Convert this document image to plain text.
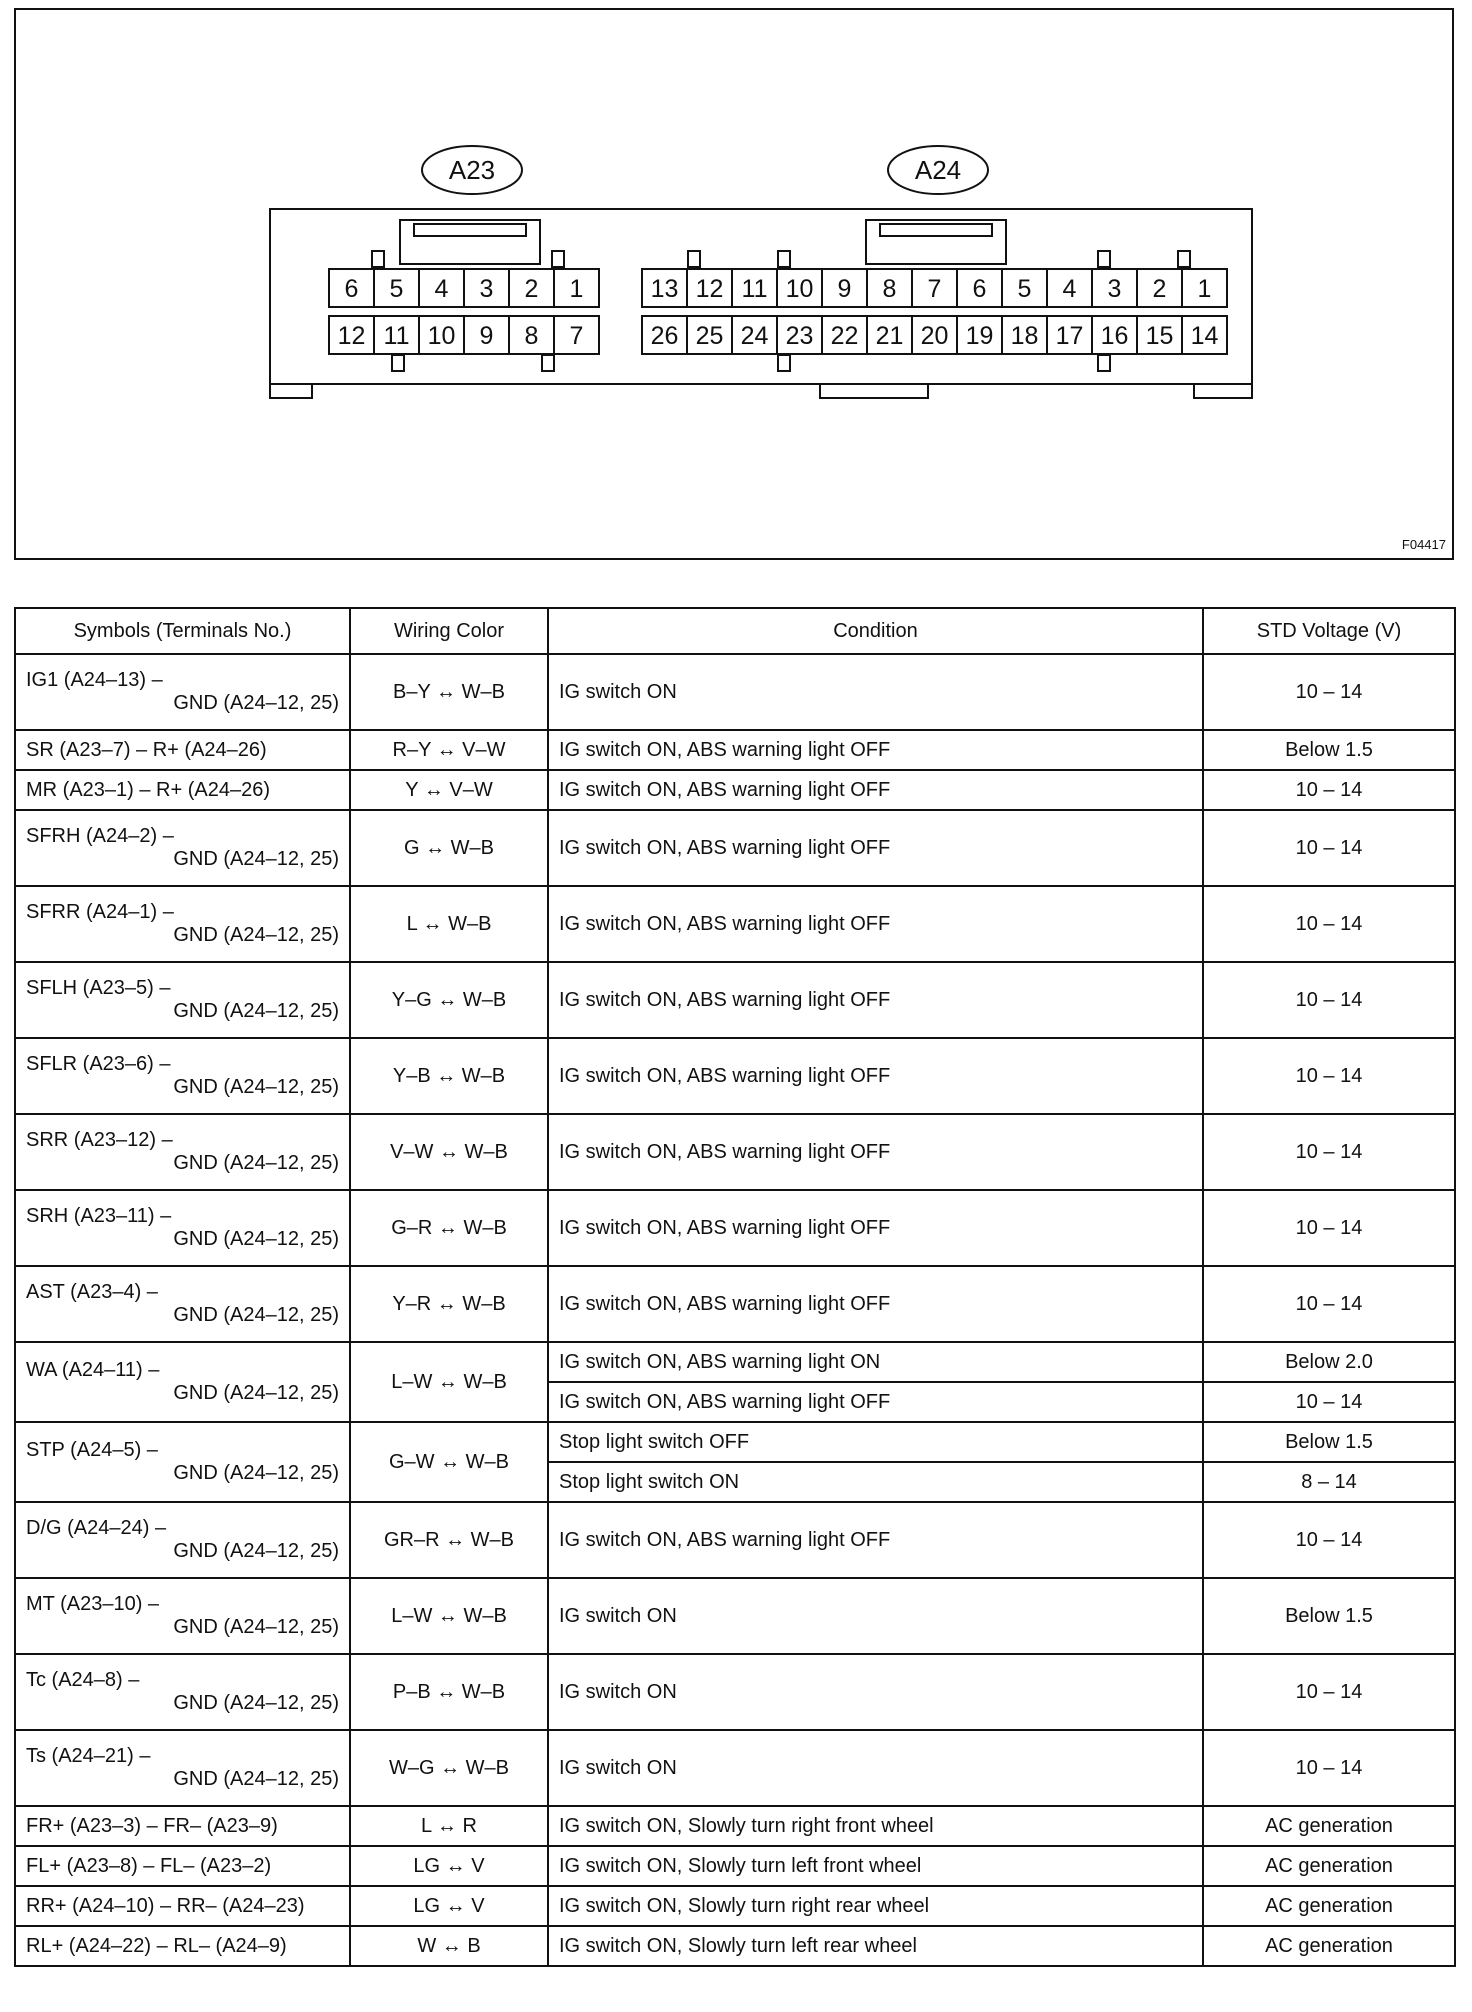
A23
6 5 4 3 2 1
12 11 10 9 8 7
A24
13 12 11 10 9 8 7 6 5 4 3 2 1
26 25 24 23 22 21 20 19 18 17 16 15 14
F04417
Symbols (Terminals No.)	Wiring Color	Condition	STD Voltage (V)

IG1 (A24–13) –
GND (A24–12, 25)	B–Y ↔ W–B	IG switch ON	10 – 14

SR (A23–7) – R+ (A24–26)	R–Y ↔ V–W	IG switch ON, ABS warning light OFF	Below 1.5

MR (A23–1) – R+ (A24–26)	Y ↔ V–W	IG switch ON, ABS warning light OFF	10 – 14

SFRH (A24–2) –
GND (A24–12, 25)	G ↔ W–B	IG switch ON, ABS warning light OFF	10 – 14

SFRR (A24–1) –
GND (A24–12, 25)	L ↔ W–B	IG switch ON, ABS warning light OFF	10 – 14

SFLH (A23–5) –
GND (A24–12, 25)	Y–G ↔ W–B	IG switch ON, ABS warning light OFF	10 – 14

SFLR (A23–6) –
GND (A24–12, 25)	Y–B ↔ W–B	IG switch ON, ABS warning light OFF	10 – 14

SRR (A23–12) –
GND (A24–12, 25)	V–W ↔ W–B	IG switch ON, ABS warning light OFF	10 – 14

SRH (A23–11) –
GND (A24–12, 25)	G–R ↔ W–B	IG switch ON, ABS warning light OFF	10 – 14

AST (A23–4) –
GND (A24–12, 25)	Y–R ↔ W–B	IG switch ON, ABS warning light OFF	10 – 14

WA (A24–11) –
GND (A24–12, 25)	L–W ↔ W–B	IG switch ON, ABS warning light ON	Below 2.0
		IG switch ON, ABS warning light OFF	10 – 14

STP (A24–5) –
GND (A24–12, 25)	G–W ↔ W–B	Stop light switch OFF	Below 1.5
		Stop light switch ON	8 – 14

D/G (A24–24) –
GND (A24–12, 25)	GR–R ↔ W–B	IG switch ON, ABS warning light OFF	10 – 14

MT (A23–10) –
GND (A24–12, 25)	L–W ↔ W–B	IG switch ON	Below 1.5

Tc (A24–8) –
GND (A24–12, 25)	P–B ↔ W–B	IG switch ON	10 – 14

Ts (A24–21) –
GND (A24–12, 25)	W–G ↔ W–B	IG switch ON	10 – 14

FR+ (A23–3) – FR– (A23–9)	L ↔ R	IG switch ON, Slowly turn right front wheel	AC generation

FL+ (A23–8) – FL– (A23–2)	LG ↔ V	IG switch ON, Slowly turn left front wheel	AC generation

RR+ (A24–10) – RR– (A24–23)	LG ↔ V	IG switch ON, Slowly turn right rear wheel	AC generation

RL+ (A24–22) – RL– (A24–9)	W ↔ B	IG switch ON, Slowly turn left rear wheel	AC generation
